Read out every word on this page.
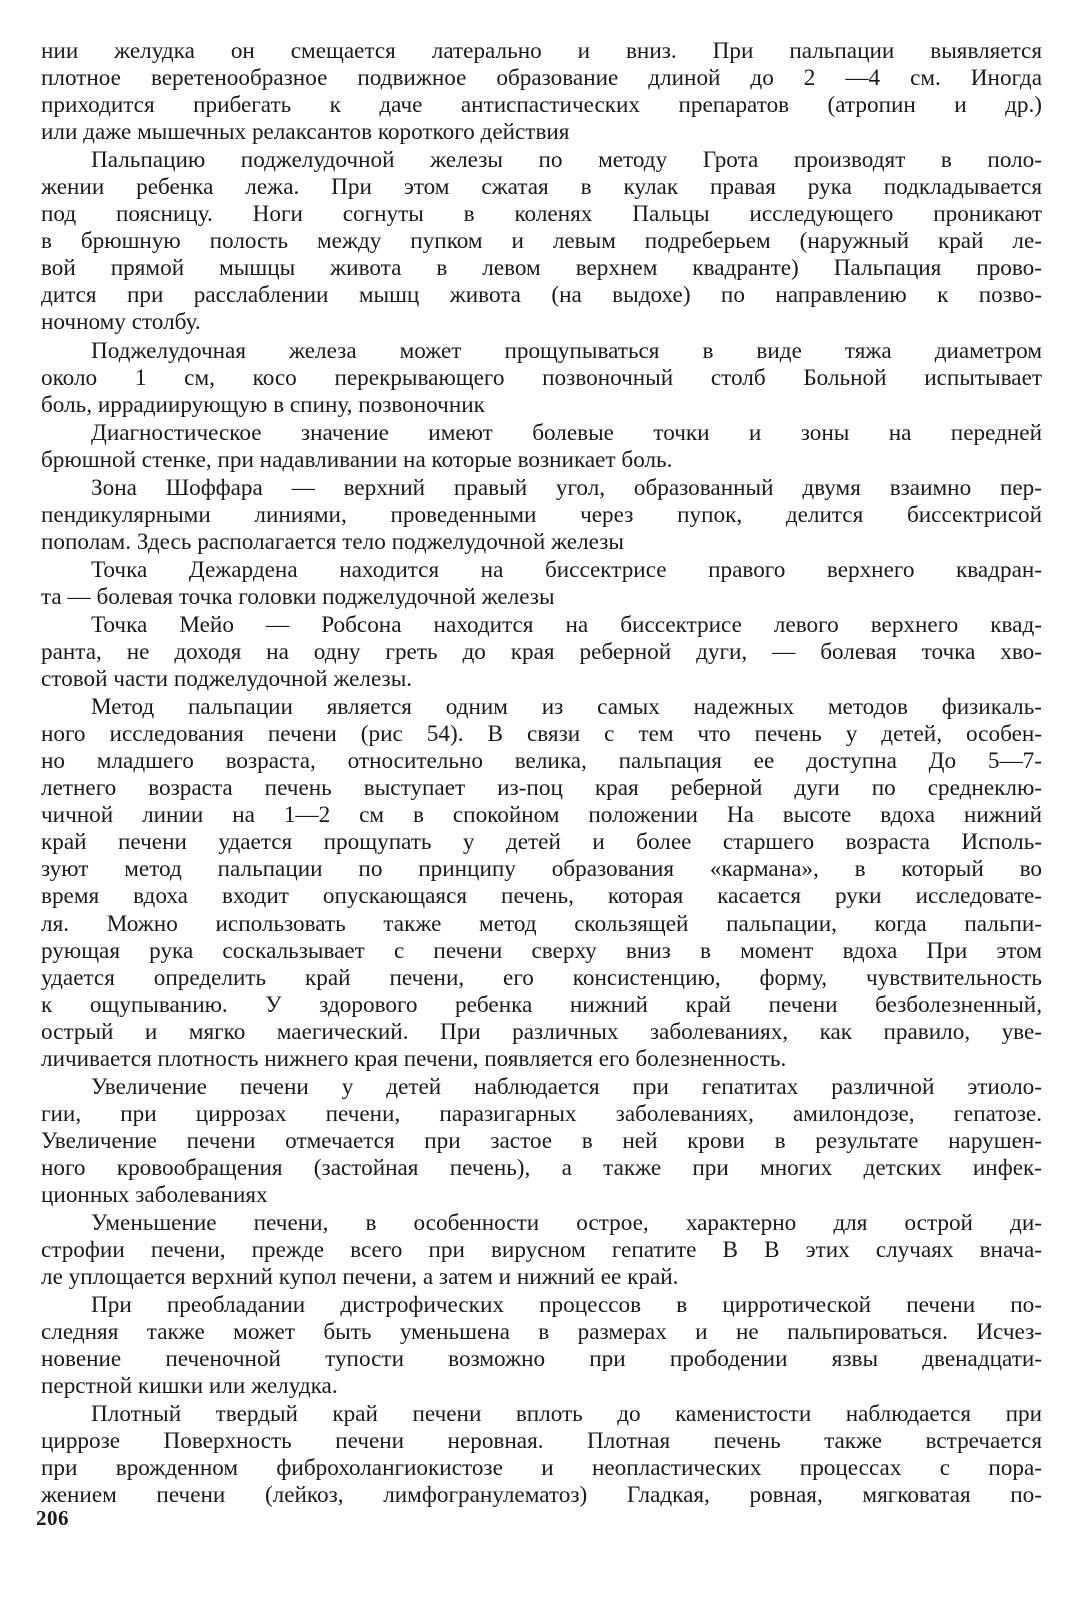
нии желудка он смещается латерально и вниз. При пальпации выявляется
плотное веретенообразное подвижное образование длиной до 2 —4 см. Иногда
приходится прибегать к даче антиспастических препаратов (атропин и др.)
или даже мышечных релаксантов короткого действия
Пальпацию поджелудочной железы по методу Грота производят в поло-
жении ребенка лежа. При этом сжатая в кулак правая рука подкладывается
под поясницу. Ноги согнуты в коленях Пальцы исследующего проникают
в брюшную полость между пупком и левым подреберьем (наружный край ле-
вой прямой мышцы живота в левом верхнем квадранте) Пальпация прово-
дится при расслаблении мышц живота (на выдохе) по направлению к позво-
ночному столбу.
Поджелудочная железа может прощупываться в виде тяжа диаметром
около 1 см, косо перекрывающего позвоночный столб Больной испытывает
боль, иррадиирующую в спину, позвоночник
Диагностическое значение имеют болевые точки и зоны на передней
брюшной стенке, при надавливании на которые возникает боль.
Зона Шоффара — верхний правый угол, образованный двумя взаимно пер-
пендикулярными линиями, проведенными через пупок, делится биссектрисой
пополам. Здесь располагается тело поджелудочной железы
Точка Дежардена находится на биссектрисе правого верхнего квадран-
та — болевая точка головки поджелудочной железы
Точка Мейо — Робсона находится на биссектрисе левого верхнего квад-
ранта, не доходя на одну греть до края реберной дуги, — болевая точка хво-
стовой части поджелудочной железы.
Метод пальпации является одним из самых надежных методов физикаль-
ного исследования печени (рис 54). В связи с тем что печень у детей, особен-
но младшего возраста, относительно велика, пальпация ее доступна До 5—7-
летнего возраста печень выступает из-поц края реберной дуги по среднеклю-
чичной линии на 1—2 см в спокойном положении На высоте вдоха нижний
край печени удается прощупать у детей и более старшего возраста Исполь-
зуют метод пальпации по принципу образования «кармана», в который во
время вдоха входит опускающаяся печень, которая касается руки исследовате-
ля. Можно использовать также метод скользящей пальпации, когда пальпи-
рующая рука соскальзывает с печени сверху вниз в момент вдоха При этом
удается определить край печени, его консистенцию, форму, чувствительность
к ощупыванию. У здорового ребенка нижний край печени безболезненный,
острый и мягко маегический. При различных заболеваниях, как правило, уве-
личивается плотность нижнего края печени, появляется его болезненность.
Увеличение печени у детей наблюдается при гепатитах различной этиоло-
гии, при циррозах печени, паразигарных заболеваниях, амилондозе, гепатозе.
Увеличение печени отмечается при застое в ней крови в результате нарушен-
ного кровообращения (застойная печень), а также при многих детских инфек-
ционных заболеваниях
Уменьшение печени, в особенности острое, характерно для острой ди-
строфии печени, прежде всего при вирусном гепатите В В этих случаях внача-
ле уплощается верхний купол печени, а затем и нижний ее край.
При преобладании дистрофических процессов в цирротической печени по-
следняя также может быть уменьшена в размерах и не пальпироваться. Исчез-
новение печеночной тупости возможно при прободении язвы двенадцати-
перстной кишки или желудка.
Плотный твердый край печени вплоть до каменистости наблюдается при
циррозе Поверхность печени неровная. Плотная печень также встречается
при врожденном фиброхолангиокистозе и неопластических процессах с пора-
жением печени (лейкоз, лимфогранулематоз) Гладкая, ровная, мягковатая по-
206
